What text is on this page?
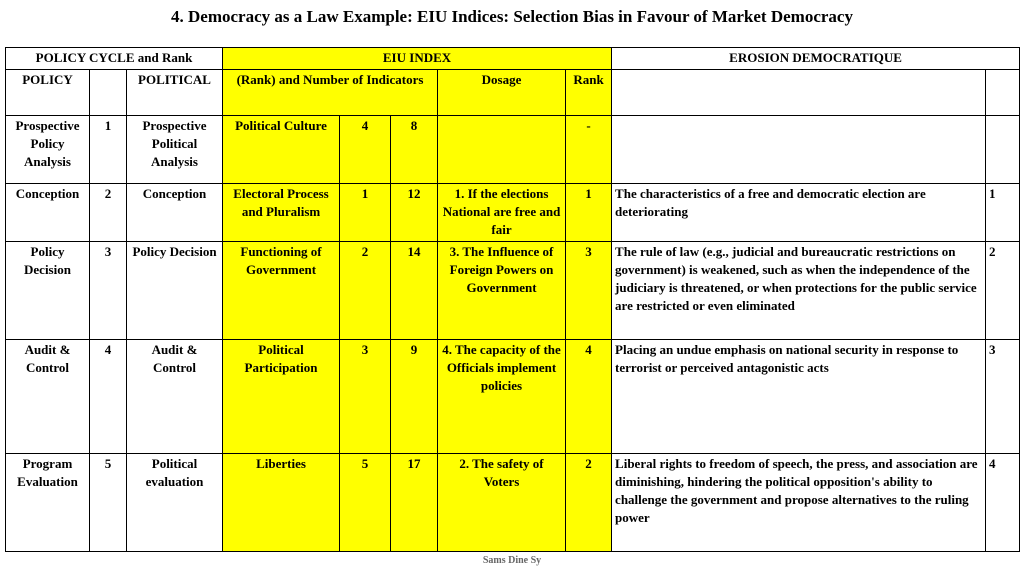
4. Democracy as a Law Example: EIU Indices: Selection Bias in Favour of Market Democracy
POLICY CYCLE and Rank			EIU INDEX					EROSION DEMOCRATIQUE	
POLICY		POLITICAL	(Rank) and Number of Indicators			Dosage	Rank		
Prospective Policy Analysis	1	Prospective Political Analysis	Political Culture	4	8		-		
Conception	2	Conception	Electoral Process and Pluralism	1	12	1. If the elections National are free and fair	1	The characteristics of a free and democratic election are deteriorating	1
Policy Decision	3	Policy Decision	Functioning of Government	2	14	3. The Influence of Foreign Powers on Government	3	The rule of law (e.g., judicial and bureaucratic restrictions on government) is weakened, such as when the independence of the judiciary is threatened, or when protections for the public service are restricted or even eliminated	2
Audit & Control	4	Audit & Control	Political Participation	3	9	4. The capacity of the Officials implement policies	4	Placing an undue emphasis on national security in response to terrorist or perceived antagonistic acts	3
Program Evaluation	5	Political evaluation	Liberties	5	17	2. The safety of Voters	2	Liberal rights to freedom of speech, the press, and association are diminishing, hindering the political opposition's ability to challenge the government and propose alternatives to the ruling power	4
Sams Dine Sy
